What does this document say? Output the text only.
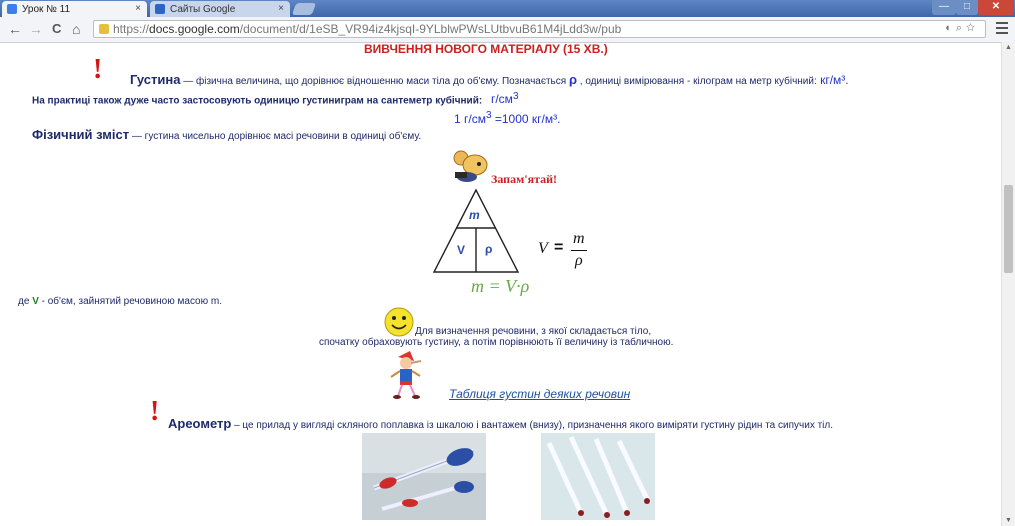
Урок № 11	×	Сайты Google	×	—	□	✕
← → C ⌂	https:// docs.google.com /document/d/1eSB_VR94iz4kjsqI-9YLblwPWsLUtbvuB61M4jLdd3w/pub	◐⌕☆
ВИВЧЕННЯ НОВОГО МАТЕРІАЛУ (15 ХВ.)
! Густина — фізична величина, що дорівнює відношенню маси тіла до об'єму. Позначається ρ , одиниці вимірювання - кілограм на метр кубічний: кг/м³.
На практиці також дуже часто застосовують одиницю густиниграм на сантеметр кубічний: $г/см^3$
1 $г/см^3 =1000$ кг/м³.
Фізичний зміст — густина чисельно дорівнює масі речовини в одиниці об'єму.
Запам'ятай!
m
V ρ	V =
m
ρ
m = V·ρ
де V - об'єм, зайнятий речовиною масою m.
Для визначення речовини, з якої складається тіло,
спочатку обраховують густину, а потім порівнюють її величину із табличною.
Таблиця густин деяких речовин
! Ареометр – це прилад у вигляді скляного поплавка із шкалою і вантажем (внизу), призначення якого виміряти густину рідин та сипучих тіл.
▲
▼
